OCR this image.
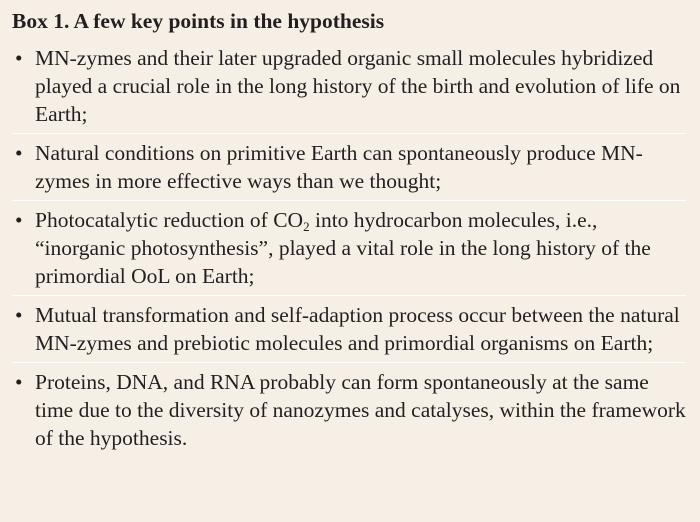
Box 1. A few key points in the hypothesis
• MN-zymes and their later upgraded organic small molecules hybridized played a crucial role in the long history of the birth and evolution of life on Earth;
• Natural conditions on primitive Earth can spontaneously produce MN-zymes in more effective ways than we thought;
• Photocatalytic reduction of $CO_2$ into hydrocarbon molecules, i.e., “inorganic photosynthesis”, played a vital role in the long history of the primordial OoL on Earth;
• Mutual transformation and self-adaption process occur between the natural MN-zymes and prebiotic molecules and primordial organisms on Earth;
• Proteins, DNA, and RNA probably can form spontaneously at the same time due to the diversity of nanozymes and catalyses, within the framework of the hypothesis.
